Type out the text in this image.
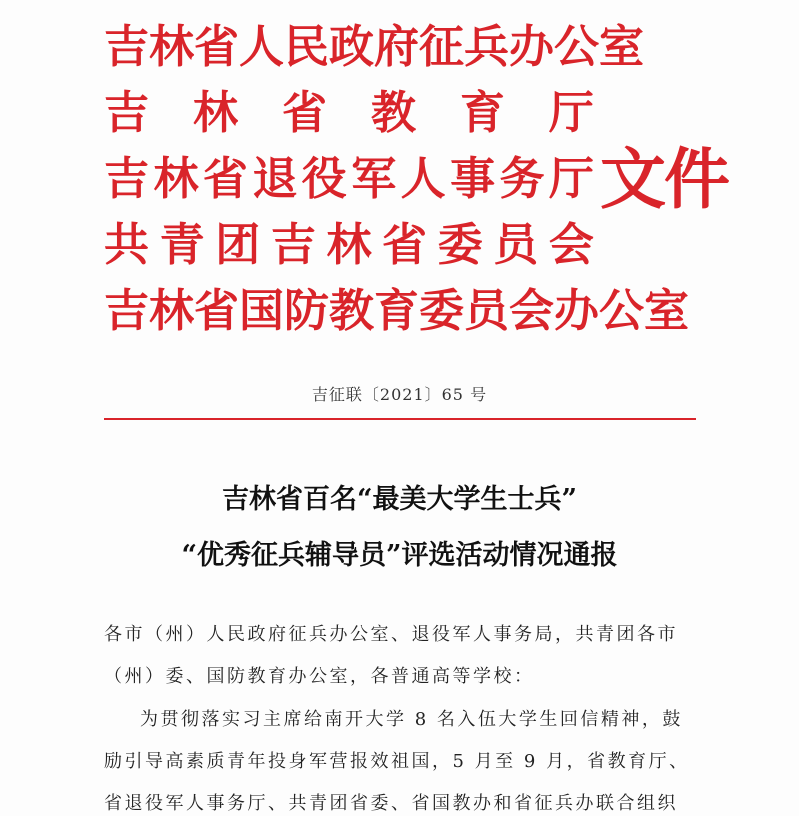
吉林省人民政府征兵办公室
吉 林 省 教 育 厅
吉 林 省 退 役 军 人 事 务 厅
共 青 团 吉 林 省 委 员 会
吉林省国防教育委员会办公室
文件
吉征联〔2021〕65 号
吉林省百名“最美大学生士兵”
“优秀征兵辅导员”评选活动情况通报
各市（州）人民政府征兵办公室、退役军人事务局，共青团各市
（州）委、国防教育办公室，各普通高等学校：
为贯彻落实习主席给南开大学 8 名入伍大学生回信精神，鼓
励引导高素质青年投身军营报效祖国，5 月至 9 月，省教育厅、
省退役军人事务厅、共青团省委、省国教办和省征兵办联合组织
